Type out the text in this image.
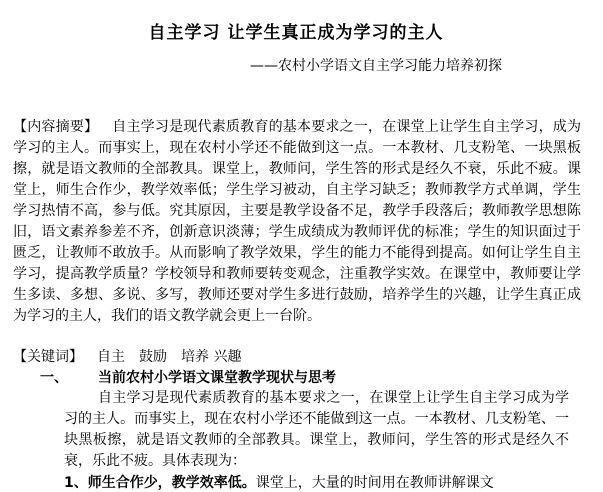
自主学习 让学生真正成为学习的主人
——农村小学语文自主学习能力培养初探
【内容摘要】 自主学习是现代素质教育的基本要求之一，在课堂上让学生自主学习，成为学习的主人。而事实上，现在农村小学还不能做到这一点。一本教材、几支粉笔、一块黑板擦，就是语文教师的全部教具。课堂上，教师问，学生答的形式是经久不衰，乐此不疲。课堂上，师生合作少，教学效率低；学生学习被动，自主学习缺乏；教师教学方式单调，学生学习热情不高，参与低。究其原因，主要是教学设备不足，教学手段落后；教师教学思想陈旧，语文素养参差不齐，创新意识淡薄；学生成绩成为教师评优的标准；学生的知识面过于匮乏，让教师不敢放手。从而影响了教学效果，学生的能力不能得到提高。如何让学生自主学习，提高教学质量？学校领导和教师要转变观念，注重教学实效。在课堂中，教师要让学生多读、多想、多说、多写，教师还要对学生多进行鼓励，培养学生的兴趣，让学生真正成为学习的主人，我们的语文教学就会更上一台阶。
【关键词】 自主　鼓励　培养 兴趣
一、 当前农村小学语文课堂教学现状与思考
自主学习是现代素质教育的基本要求之一，在课堂上让学生自主学习成为学习的主人。而事实上，现在农村小学还不能做到这一点。一本教材、几支粉笔、一块黑板擦，就是语文教师的全部教具。课堂上，教师问，学生答的形式是经久不衰，乐此不疲。具体表现为：
1、师生合作少，教学效率低。课堂上，大量的时间用在教师讲解课文
